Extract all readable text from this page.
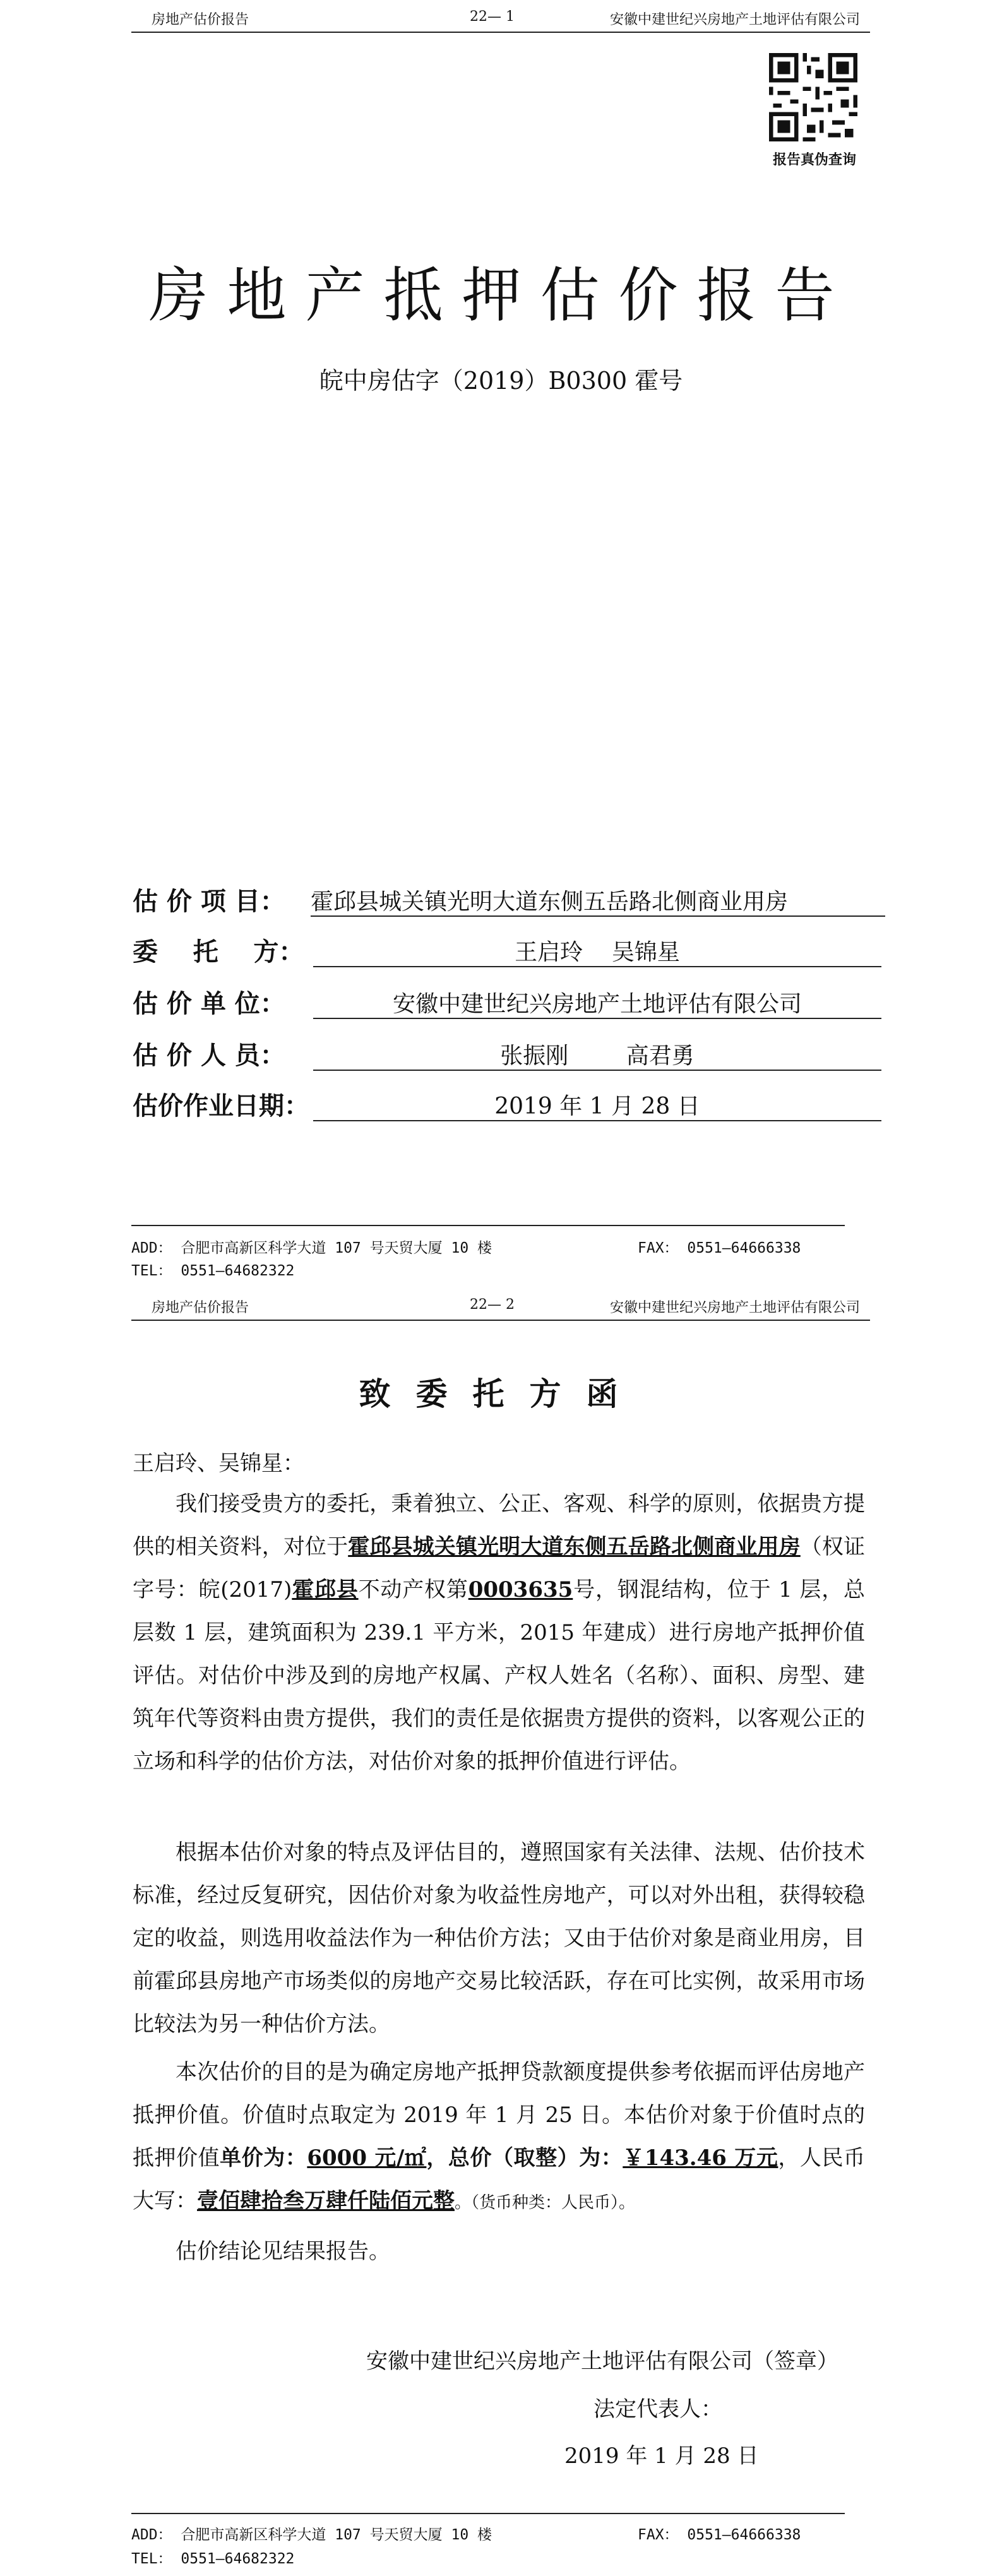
房地产估价报告	22— 1	安徽中建世纪兴房地产土地评估有限公司
报告真伪查询
房地产抵押估价报告
皖中房估字（2019）B0300 霍号
估 价 项 目： 霍邱县城关镇光明大道东侧五岳路北侧商业用房
委    托    方：	王启玲    吴锦星
估 价 单 位：	安徽中建世纪兴房地产土地评估有限公司
估 价 人 员：	张振刚        高君勇
估价作业日期：	2019 年 1 月 28 日
ADD： 合肥市高新区科学大道 107 号天贸大厦 10 楼	FAX： 0551—64666338
TEL： 0551—64682322
房地产估价报告	22— 2	安徽中建世纪兴房地产土地评估有限公司
致委托方函
王启玲、吴锦星：
我们接受贵方的委托，秉着独立、公正、客观、科学的原则，依据贵方提供的相关资料，对位于霍邱县城关镇光明大道东侧五岳路北侧商业用房（权证字号：皖(2017)霍邱县不动产权第0003635号，钢混结构，位于 1 层，总层数 1 层，建筑面积为 239.1 平方米，2015 年建成）进行房地产抵押价值评估。对估价中涉及到的房地产权属、产权人姓名（名称）、面积、房型、建筑年代等资料由贵方提供，我们的责任是依据贵方提供的资料，以客观公正的立场和科学的估价方法，对估价对象的抵押价值进行评估。
根据本估价对象的特点及评估目的，遵照国家有关法律、法规、估价技术标准，经过反复研究，因估价对象为收益性房地产，可以对外出租，获得较稳定的收益，则选用收益法作为一种估价方法；又由于估价对象是商业用房，目前霍邱县房地产市场类似的房地产交易比较活跃，存在可比实例，故采用市场比较法为另一种估价方法。
本次估价的目的是为确定房地产抵押贷款额度提供参考依据而评估房地产抵押价值。价值时点取定为 2019 年 1 月 25 日。本估价对象于价值时点的抵押价值单价为：6000 元/㎡，总价（取整）为：￥143.46 万元，人民币大写：壹佰肆拾叁万肆仟陆佰元整。（货币种类：人民币）。
估价结论见结果报告。
安徽中建世纪兴房地产土地评估有限公司（签章）
法定代表人：
2019 年 1 月 28 日
ADD： 合肥市高新区科学大道 107 号天贸大厦 10 楼	FAX： 0551—64666338
TEL： 0551—64682322
